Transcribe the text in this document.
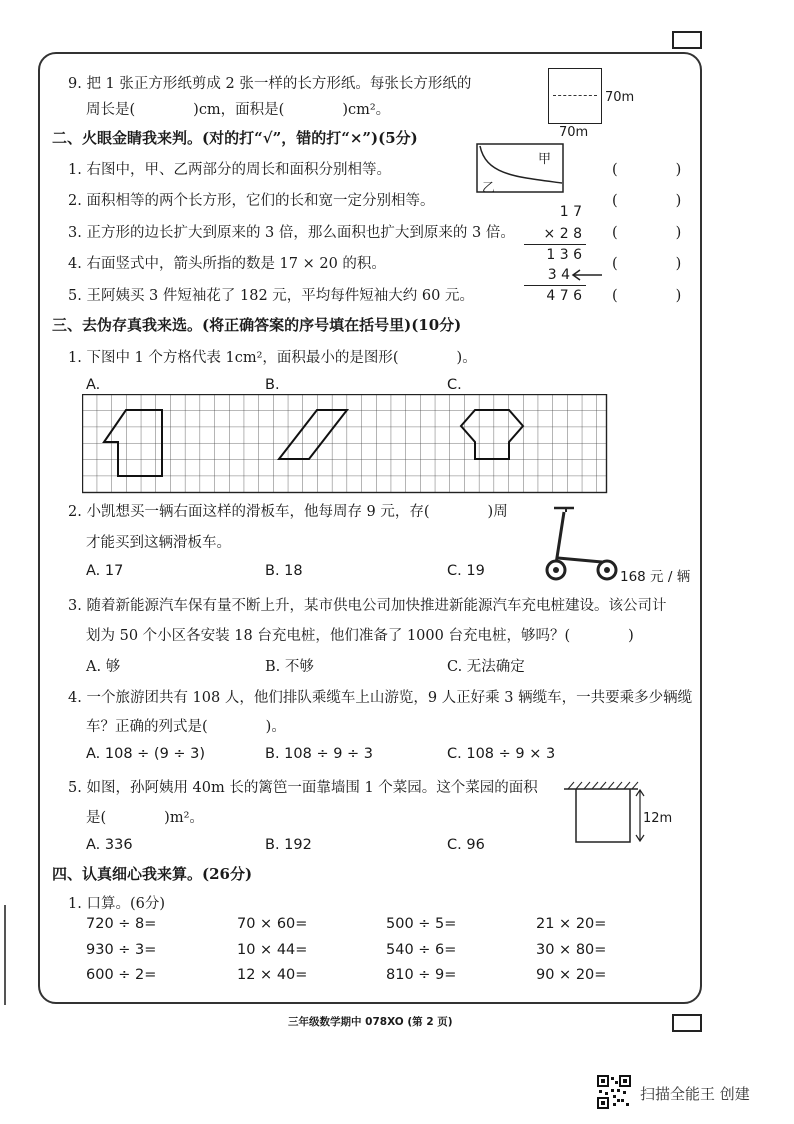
9. 把 1 张正方形纸剪成 2 张一样的长方形纸。每张长方形纸的
周长是(　　　　)cm，面积是(　　　　)cm²。
70m
70m
二、火眼金睛我来判。(对的打“√”，错的打“×”)(5分)
1. 右图中，甲、乙两部分的周长和面积分别相等。
2. 面积相等的两个长方形，它们的长和宽一定分别相等。
3. 正方形的边长扩大到原来的 3 倍，那么面积也扩大到原来的 3 倍。
4. 右面竖式中，箭头所指的数是 17 × 20 的积。
5. 王阿姨买 3 件短袖花了 182 元，平均每件短袖大约 60 元。
(　　　　)
(　　　　)
(　　　　)
(　　　　)
(　　　　)
甲
乙
1 7
× 2 8
1 3 6
3 4
4 7 6
三、去伪存真我来选。(将正确答案的序号填在括号里)(10分)
1. 下图中 1 个方格代表 1cm²，面积最小的是图形(　　　　)。
A.	B.	C.
2. 小凯想买一辆右面这样的滑板车，他每周存 9 元，存(　　　　)周
才能买到这辆滑板车。
A. 17	B. 18	C. 19	168 元 / 辆
3. 随着新能源汽车保有量不断上升，某市供电公司加快推进新能源汽车充电桩建设。该公司计
划为 50 个小区各安装 18 台充电桩，他们准备了 1000 台充电桩，够吗？(　　　　)
A. 够	B. 不够	C. 无法确定
4. 一个旅游团共有 108 人，他们排队乘缆车上山游览，9 人正好乘 3 辆缆车，一共要乘多少辆缆
车？正确的列式是(　　　　)。
A. 108 ÷ (9 ÷ 3)	B. 108 ÷ 9 ÷ 3	C. 108 ÷ 9 × 3
5. 如图，孙阿姨用 40m 长的篱笆一面靠墙围 1 个菜园。这个菜园的面积
是(　　　　)m²。
A. 336	B. 192	C. 96
12m
四、认真细心我来算。(26分)
1. 口算。(6分)
720 ÷ 8=	70 × 60=	500 ÷ 5=	21 × 20=
930 ÷ 3=	10 × 44=	540 ÷ 6=	30 × 80=
600 ÷ 2=	12 × 40=	810 ÷ 9=	90 × 20=
三年级数学期中 078XO (第 2 页)
扫描全能王 创建
